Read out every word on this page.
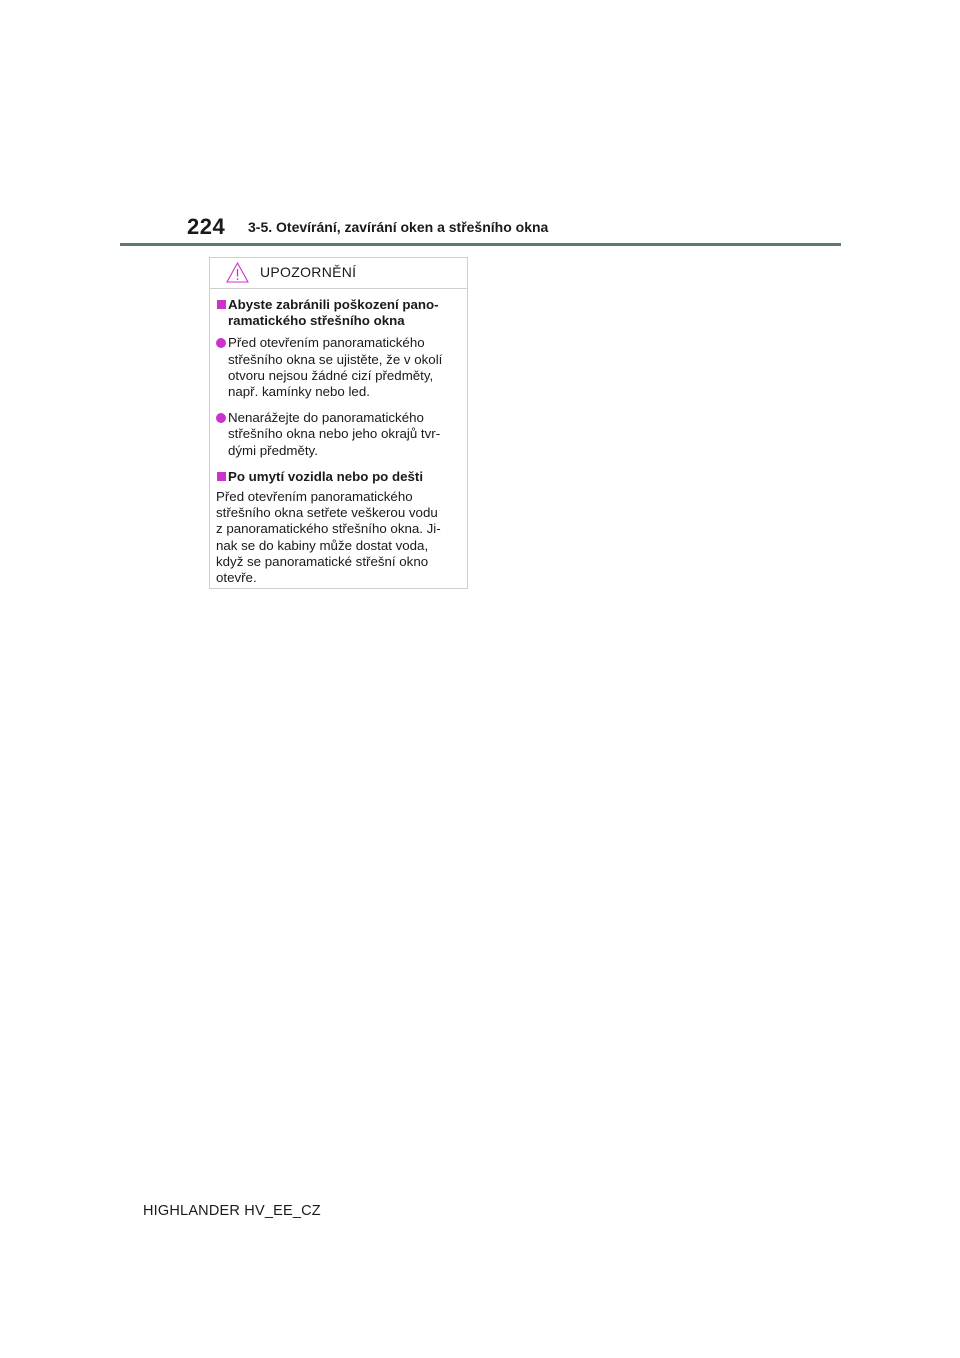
224 3-5. Otevírání, zavírání oken a střešního okna
UPOZORNĚNÍ
Abyste zabránili poškození pano-
ramatického střešního okna
Před otevřením panoramatického
střešního okna se ujistěte, že v okolí
otvoru nejsou žádné cizí předměty,
např. kamínky nebo led.
Nenarážejte do panoramatického
střešního okna nebo jeho okrajů tvr-
dými předměty.
Po umytí vozidla nebo po dešti
Před otevřením panoramatického
střešního okna setřete veškerou vodu
z panoramatického střešního okna. Ji-
nak se do kabiny může dostat voda,
když se panoramatické střešní okno
otevře.
HIGHLANDER HV_EE_CZ
